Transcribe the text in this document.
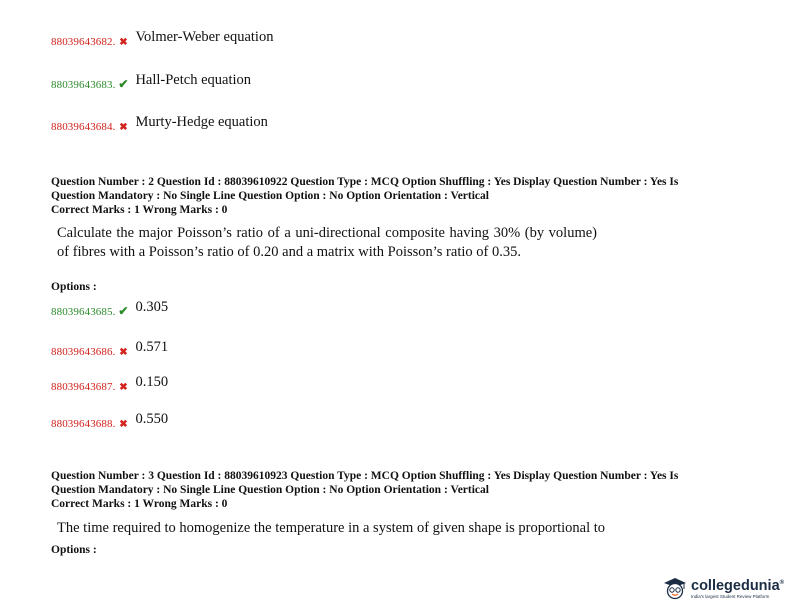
88039643682. ✖ Volmer-Weber equation
88039643683. ✔ Hall-Petch equation
88039643684. ✖ Murty-Hedge equation
Question Number : 2 Question Id : 88039610922 Question Type : MCQ Option Shuffling : Yes Display Question Number : Yes Is
Question Mandatory : No Single Line Question Option : No Option Orientation : Vertical
Correct Marks : 1 Wrong Marks : 0
Calculate the major Poisson’s ratio of a uni-directional composite having 30% (by volume) of fibres with a Poisson’s ratio of 0.20 and a matrix with Poisson’s ratio of 0.35.
Options :
88039643685. ✔ 0.305
88039643686. ✖ 0.571
88039643687. ✖ 0.150
88039643688. ✖ 0.550
Question Number : 3 Question Id : 88039610923 Question Type : MCQ Option Shuffling : Yes Display Question Number : Yes Is
Question Mandatory : No Single Line Question Option : No Option Orientation : Vertical
Correct Marks : 1 Wrong Marks : 0
The time required to homogenize the temperature in a system of given shape is proportional to
Options :
collegedunia®
India's largest Student Review Platform
